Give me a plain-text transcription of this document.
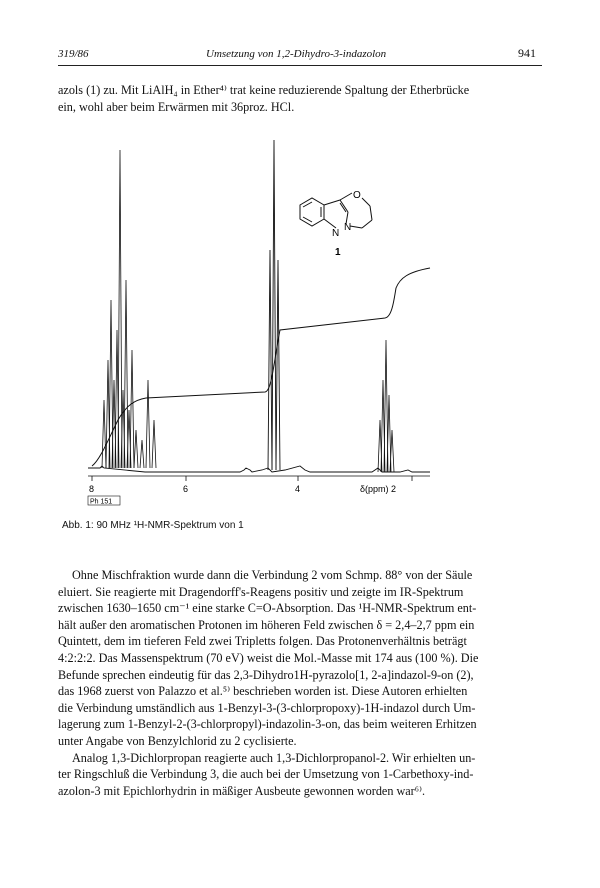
319/86	Umsetzung von 1,2-Dihydro-3-indazolon	941
azols (1) zu. Mit LiAlH₄ in Ether⁴⁾ trat keine reduzierende Spaltung der Etherbrücke
ein, wohl aber beim Erwärmen mit 36proz. HCl.
8	6	4	δ(ppm) 2
Ph 151
O
N
N
1
Abb. 1: 90 MHz ¹H-NMR-Spektrum von 1
Ohne Mischfraktion wurde dann die Verbindung 2 vom Schmp. 88° von der Säule
eluiert. Sie reagierte mit Dragendorff's-Reagens positiv und zeigte im IR-Spektrum
zwischen 1630–1650 cm⁻¹ eine starke C=O-Absorption. Das ¹H-NMR-Spektrum ent-
hält außer den aromatischen Protonen im höheren Feld zwischen δ = 2,4–2,7 ppm ein
Quintett, dem im tieferen Feld zwei Tripletts folgen. Das Protonenverhältnis beträgt
4:2:2:2. Das Massenspektrum (70 eV) weist die Mol.-Masse mit 174 aus (100 %). Die
Befunde sprechen eindeutig für das 2,3-Dihydro1H-pyrazolo[1, 2-a]indazol-9-on (2),
das 1968 zuerst von Palazzo et al.⁵⁾ beschrieben worden ist. Diese Autoren erhielten
die Verbindung umständlich aus 1-Benzyl-3-(3-chlorpropoxy)-1H-indazol durch Um-
lagerung zum 1-Benzyl-2-(3-chlorpropyl)-indazolin-3-on, das beim weiteren Erhitzen
unter Angabe von Benzylchlorid zu 2 cyclisierte.
Analog 1,3-Dichlorpropan reagierte auch 1,3-Dichlorpropanol-2. Wir erhielten un-
ter Ringschluß die Verbindung 3, die auch bei der Umsetzung von 1-Carbethoxy-ind-
azolon-3 mit Epichlorhydrin in mäßiger Ausbeute gewonnen worden war⁶⁾.
